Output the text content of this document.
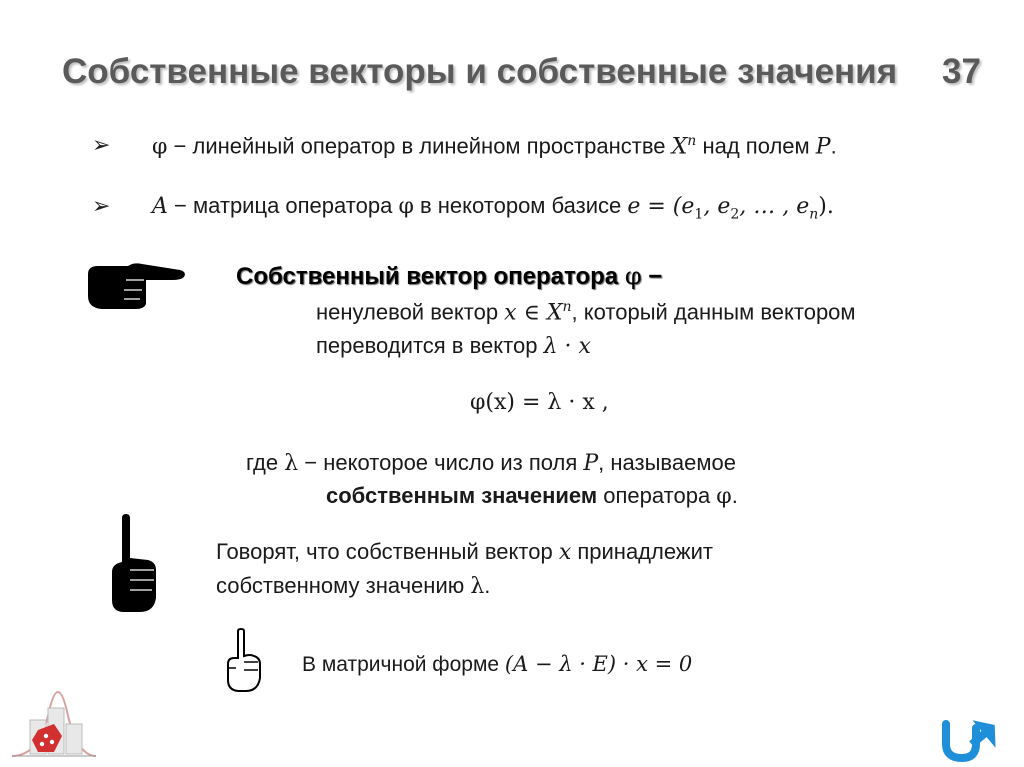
Собственные векторы и собственные значения 37
➢ φ − линейный оператор в линейном пространстве $X^n$ над полем P.
➢ A − матрица оператора φ в некотором базисе $e = (e_1$, $e_2$, … , $e_n$).
Собственный вектор оператора φ −
ненулевой вектор x ∈ $X^n$, который данным вектором
переводится в вектор λ · x
φ(x) = λ · x ,
где λ − некоторое число из поля P, называемое
собственным значением оператора φ.
Говорят, что собственный вектор x принадлежит
собственному значению λ.
В матричной форме (A − λ · E) · x = 0
